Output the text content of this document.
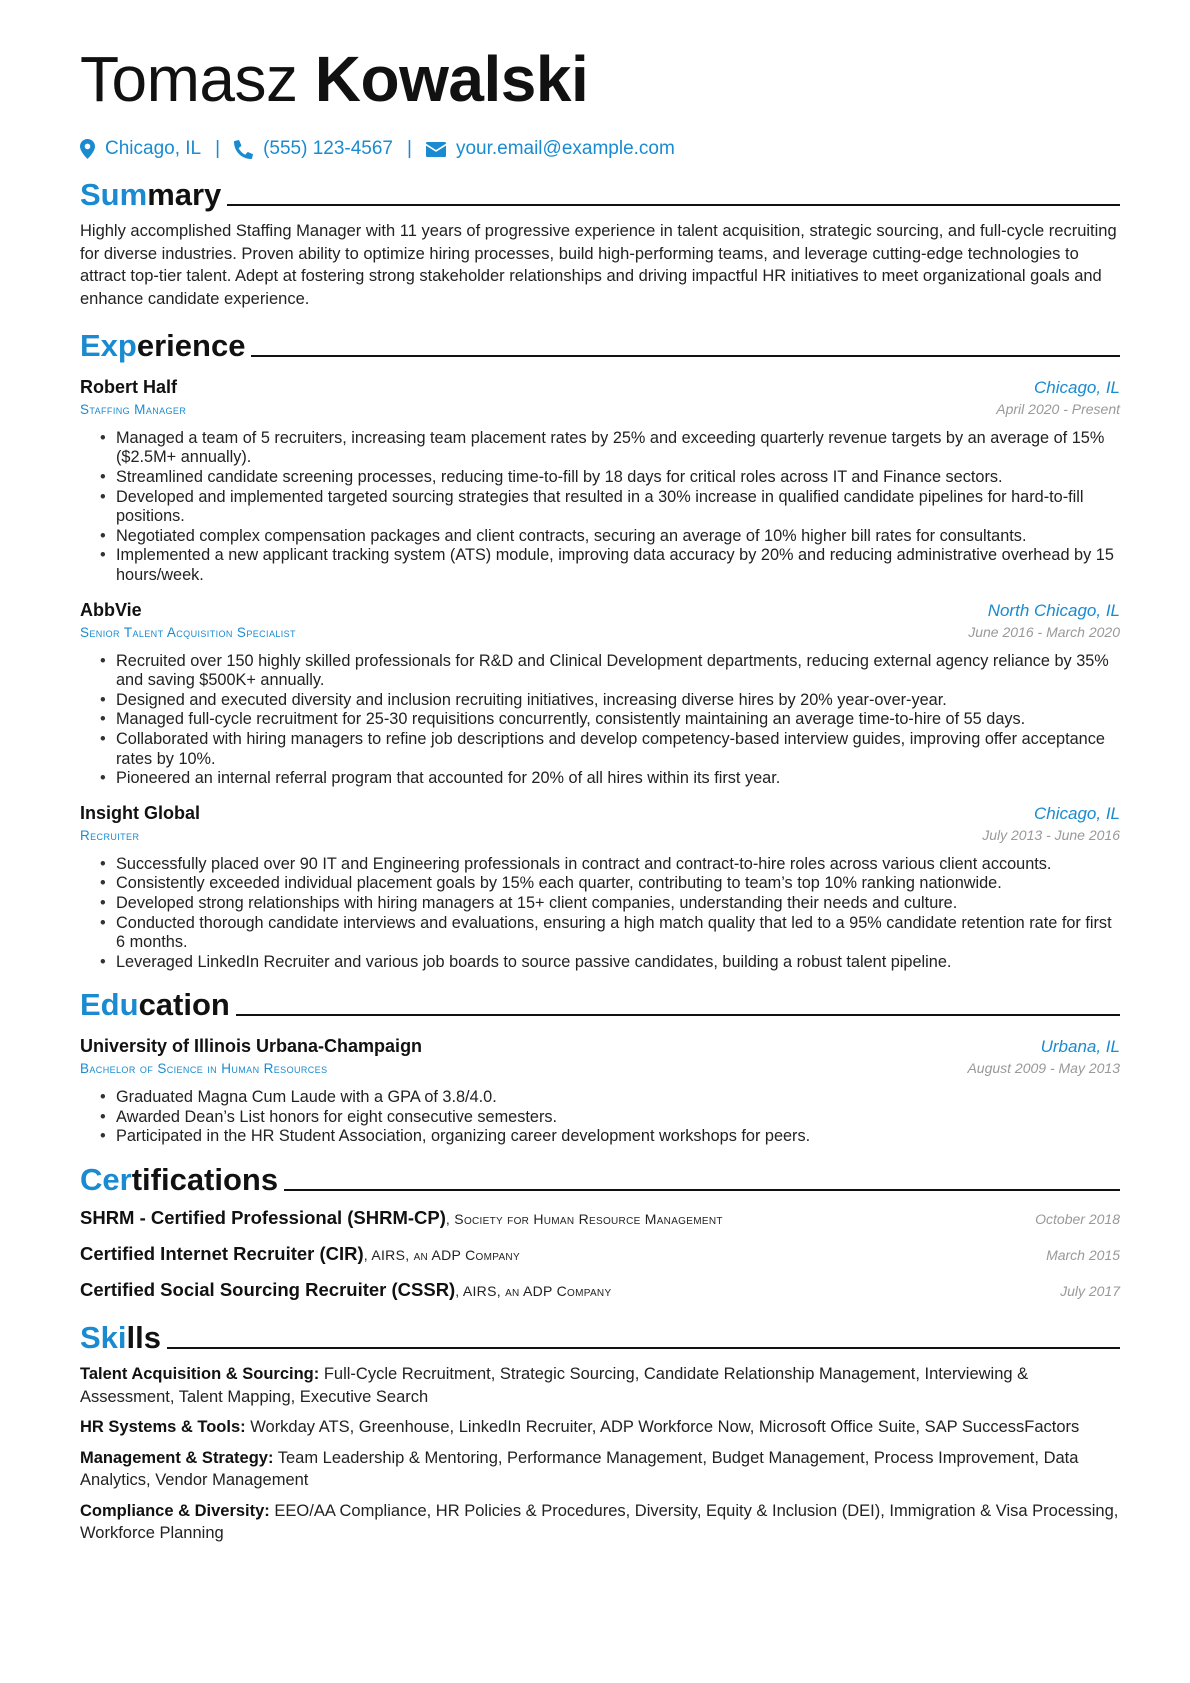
Tomasz Kowalski
Chicago, IL | (555) 123-4567 | your.email@example.com
Summary
Highly accomplished Staffing Manager with 11 years of progressive experience in talent acquisition, strategic sourcing, and full-cycle recruiting for diverse industries. Proven ability to optimize hiring processes, build high-performing teams, and leverage cutting-edge technologies to attract top-tier talent. Adept at fostering strong stakeholder relationships and driving impactful HR initiatives to meet organizational goals and enhance candidate experience.
Experience
Robert Half	Chicago, IL
Staffing Manager	April 2020 - Present
• Managed a team of 5 recruiters, increasing team placement rates by 25% and exceeding quarterly revenue targets by an average of 15% ($2.5M+ annually).
• Streamlined candidate screening processes, reducing time-to-fill by 18 days for critical roles across IT and Finance sectors.
• Developed and implemented targeted sourcing strategies that resulted in a 30% increase in qualified candidate pipelines for hard-to-fill positions.
• Negotiated complex compensation packages and client contracts, securing an average of 10% higher bill rates for consultants.
• Implemented a new applicant tracking system (ATS) module, improving data accuracy by 20% and reducing administrative overhead by 15 hours/week.
AbbVie	North Chicago, IL
Senior Talent Acquisition Specialist	June 2016 - March 2020
• Recruited over 150 highly skilled professionals for R&D and Clinical Development departments, reducing external agency reliance by 35% and saving $500K+ annually.
• Designed and executed diversity and inclusion recruiting initiatives, increasing diverse hires by 20% year-over-year.
• Managed full-cycle recruitment for 25-30 requisitions concurrently, consistently maintaining an average time-to-hire of 55 days.
• Collaborated with hiring managers to refine job descriptions and develop competency-based interview guides, improving offer acceptance rates by 10%.
• Pioneered an internal referral program that accounted for 20% of all hires within its first year.
Insight Global	Chicago, IL
Recruiter	July 2013 - June 2016
• Successfully placed over 90 IT and Engineering professionals in contract and contract-to-hire roles across various client accounts.
• Consistently exceeded individual placement goals by 15% each quarter, contributing to team’s top 10% ranking nationwide.
• Developed strong relationships with hiring managers at 15+ client companies, understanding their needs and culture.
• Conducted thorough candidate interviews and evaluations, ensuring a high match quality that led to a 95% candidate retention rate for first 6 months.
• Leveraged LinkedIn Recruiter and various job boards to source passive candidates, building a robust talent pipeline.
Education
University of Illinois Urbana-Champaign	Urbana, IL
Bachelor of Science in Human Resources	August 2009 - May 2013
• Graduated Magna Cum Laude with a GPA of 3.8/4.0.
• Awarded Dean’s List honors for eight consecutive semesters.
• Participated in the HR Student Association, organizing career development workshops for peers.
Certifications
SHRM - Certified Professional (SHRM-CP), Society for Human Resource Management	October 2018
Certified Internet Recruiter (CIR), AIRS, an ADP Company	March 2015
Certified Social Sourcing Recruiter (CSSR), AIRS, an ADP Company	July 2017
Skills
Talent Acquisition & Sourcing: Full-Cycle Recruitment, Strategic Sourcing, Candidate Relationship Management, Interviewing & Assessment, Talent Mapping, Executive Search
HR Systems & Tools: Workday ATS, Greenhouse, LinkedIn Recruiter, ADP Workforce Now, Microsoft Office Suite, SAP SuccessFactors
Management & Strategy: Team Leadership & Mentoring, Performance Management, Budget Management, Process Improvement, Data Analytics, Vendor Management
Compliance & Diversity: EEO/AA Compliance, HR Policies & Procedures, Diversity, Equity & Inclusion (DEI), Immigration & Visa Processing, Workforce Planning
